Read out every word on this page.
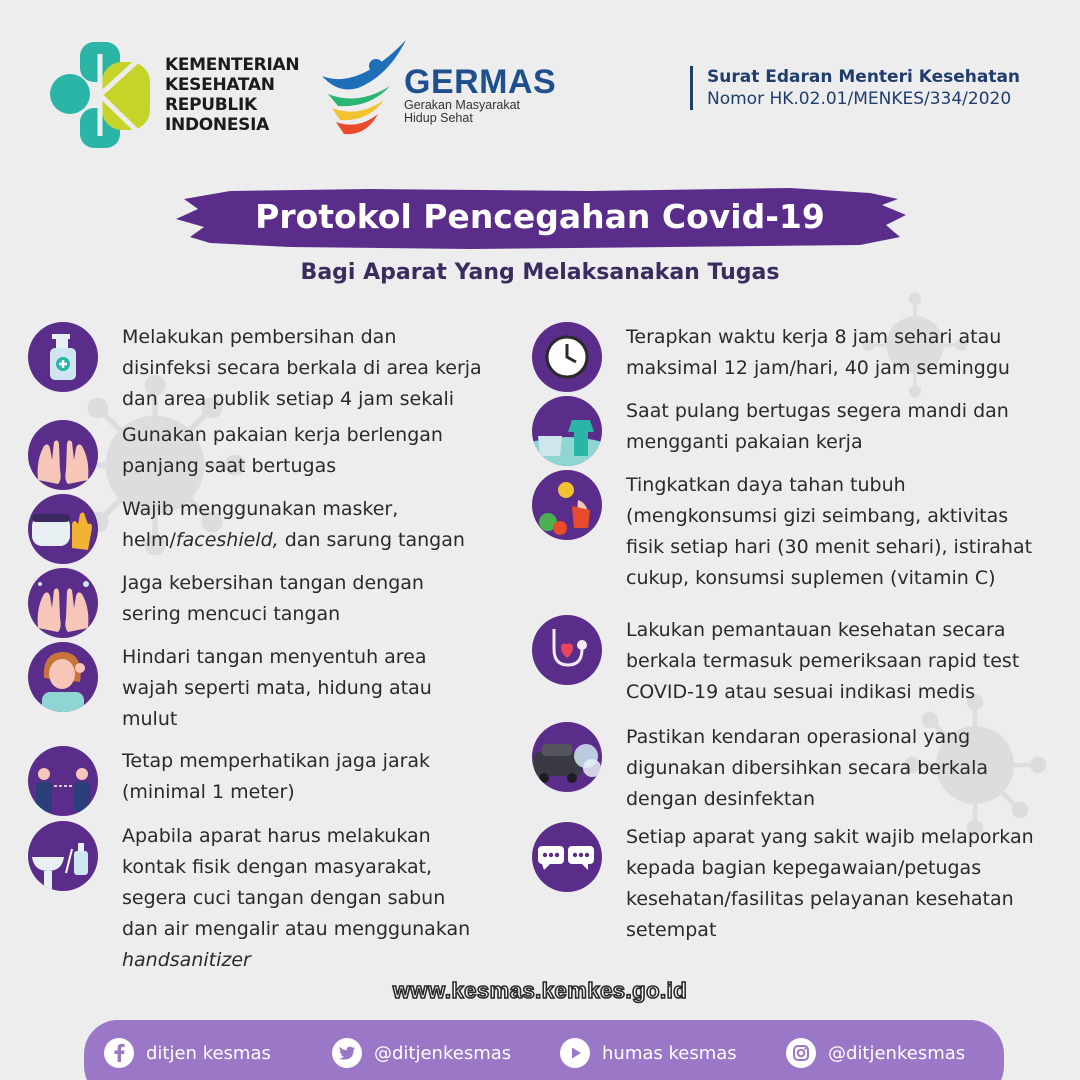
KEMENTERIAN
KESEHATAN
REPUBLIK
INDONESIA
GERMAS
Gerakan Masyarakat
Hidup Sehat
Surat Edaran Menteri Kesehatan
Nomor HK.02.01/MENKES/334/2020
Protokol Pencegahan Covid-19
Bagi Aparat Yang Melaksanakan Tugas
Melakukan pembersihan dan
disinfeksi secara berkala di area kerja
dan area publik setiap 4 jam sekali
Gunakan pakaian kerja berlengan
panjang saat bertugas
Wajib menggunakan masker,
helm/faceshield, dan sarung tangan
Jaga kebersihan tangan dengan
sering mencuci tangan
Hindari tangan menyentuh area
wajah seperti mata, hidung atau
mulut
Tetap memperhatikan jaga jarak
(minimal 1 meter)
Apabila aparat harus melakukan
kontak fisik dengan masyarakat,
segera cuci tangan dengan sabun
dan air mengalir atau menggunakan
handsanitizer
Terapkan waktu kerja 8 jam sehari atau
maksimal 12 jam/hari, 40 jam seminggu
Saat pulang bertugas segera mandi dan
mengganti pakaian kerja
Tingkatkan daya tahan tubuh
(mengkonsumsi gizi seimbang, aktivitas
fisik setiap hari (30 menit sehari), istirahat
cukup, konsumsi suplemen (vitamin C)
Lakukan pemantauan kesehatan secara
berkala termasuk pemeriksaan rapid test
COVID-19 atau sesuai indikasi medis
Pastikan kendaran operasional yang
digunakan dibersihkan secara berkala
dengan desinfektan
Setiap aparat yang sakit wajib melaporkan
kepada bagian kepegawaian/petugas
kesehatan/fasilitas pelayanan kesehatan
setempat
www.kesmas.kemkes.go.id
ditjen kesmas	@ditjenkesmas	humas kesmas	@ditjenkesmas
